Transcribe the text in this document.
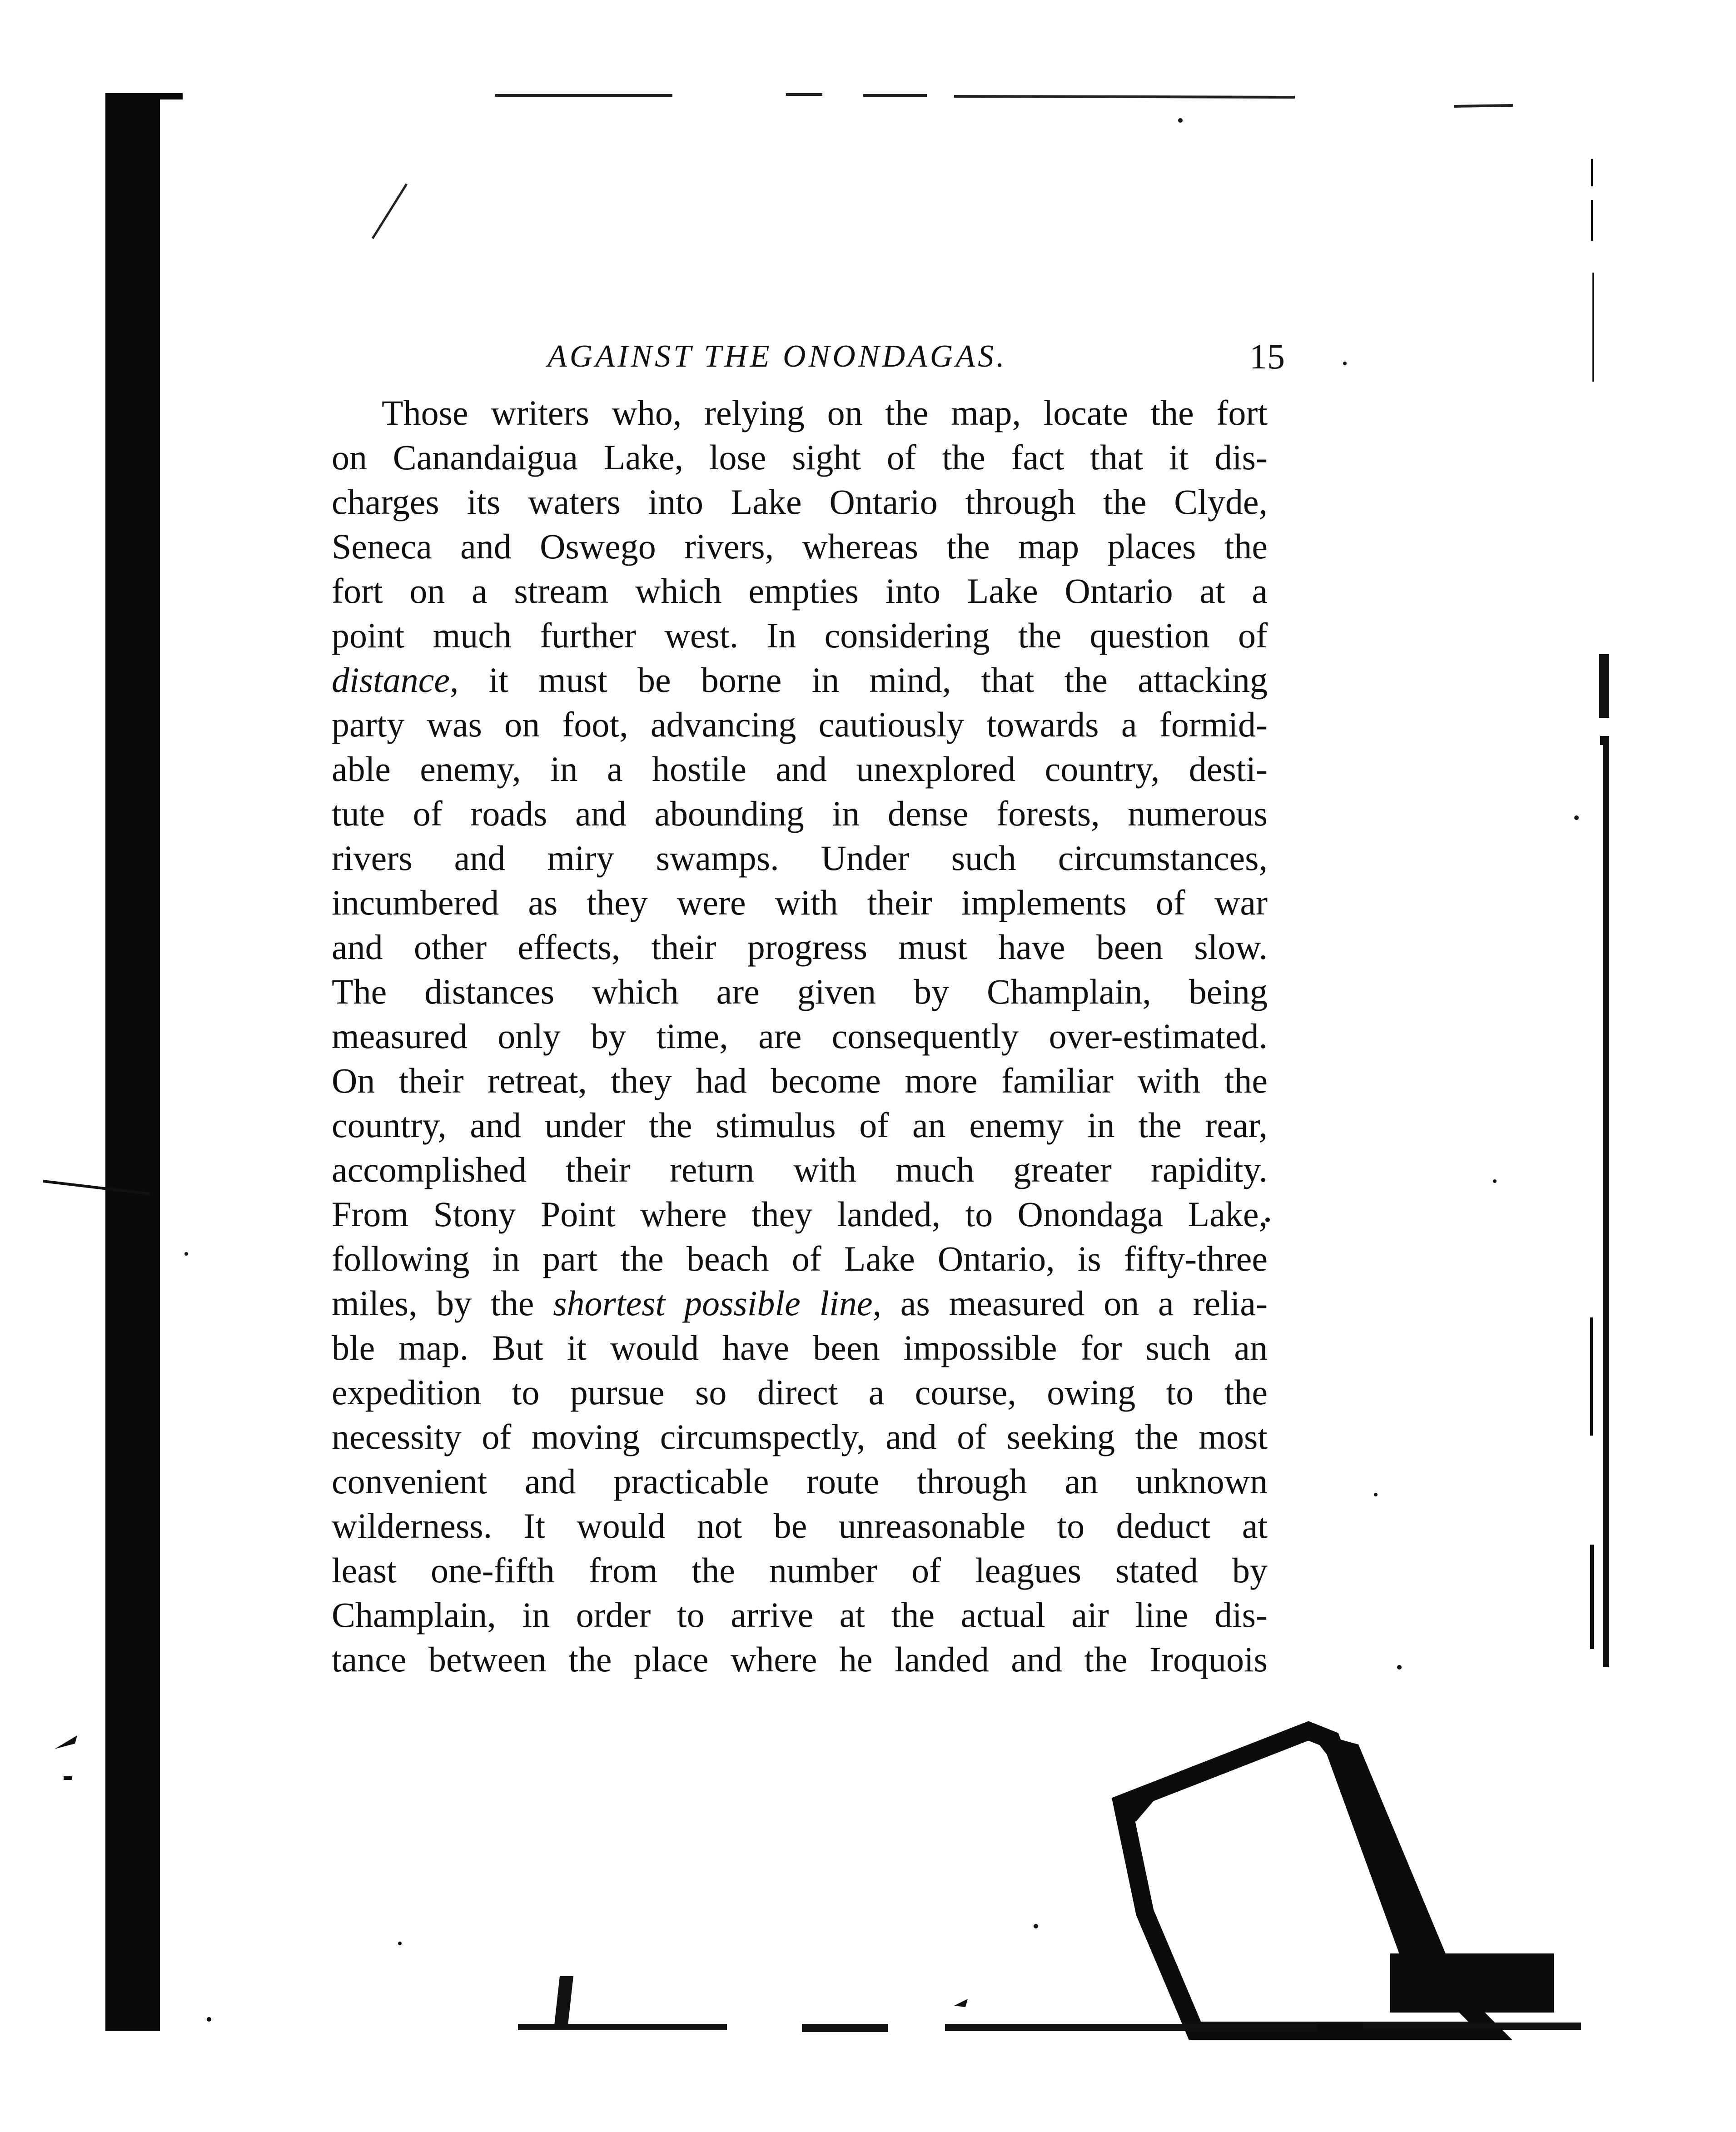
AGAINST THE ONONDAGAS.	15
Those writers who, relying on the map, locate the fort
on Canandaigua Lake, lose sight of the fact that it dis-
charges its waters into Lake Ontario through the Clyde,
Seneca and Oswego rivers, whereas the map places the
fort on a stream which empties into Lake Ontario at a
point much further west. In considering the question of
distance, it must be borne in mind, that the attacking
party was on foot, advancing cautiously towards a formid-
able enemy, in a hostile and unexplored country, desti-
tute of roads and abounding in dense forests, numerous
rivers and miry swamps. Under such circumstances,
incumbered as they were with their implements of war
and other effects, their progress must have been slow.
The distances which are given by Champlain, being
measured only by time, are consequently over-estimated.
On their retreat, they had become more familiar with the
country, and under the stimulus of an enemy in the rear,
accomplished their return with much greater rapidity.
From Stony Point where they landed, to Onondaga Lake,
following in part the beach of Lake Ontario, is fifty-three
miles, by the shortest possible line, as measured on a relia-
ble map. But it would have been impossible for such an
expedition to pursue so direct a course, owing to the
necessity of moving circumspectly, and of seeking the most
convenient and practicable route through an unknown
wilderness. It would not be unreasonable to deduct at
least one-fifth from the number of leagues stated by
Champlain, in order to arrive at the actual air line dis-
tance between the place where he landed and the Iroquois
